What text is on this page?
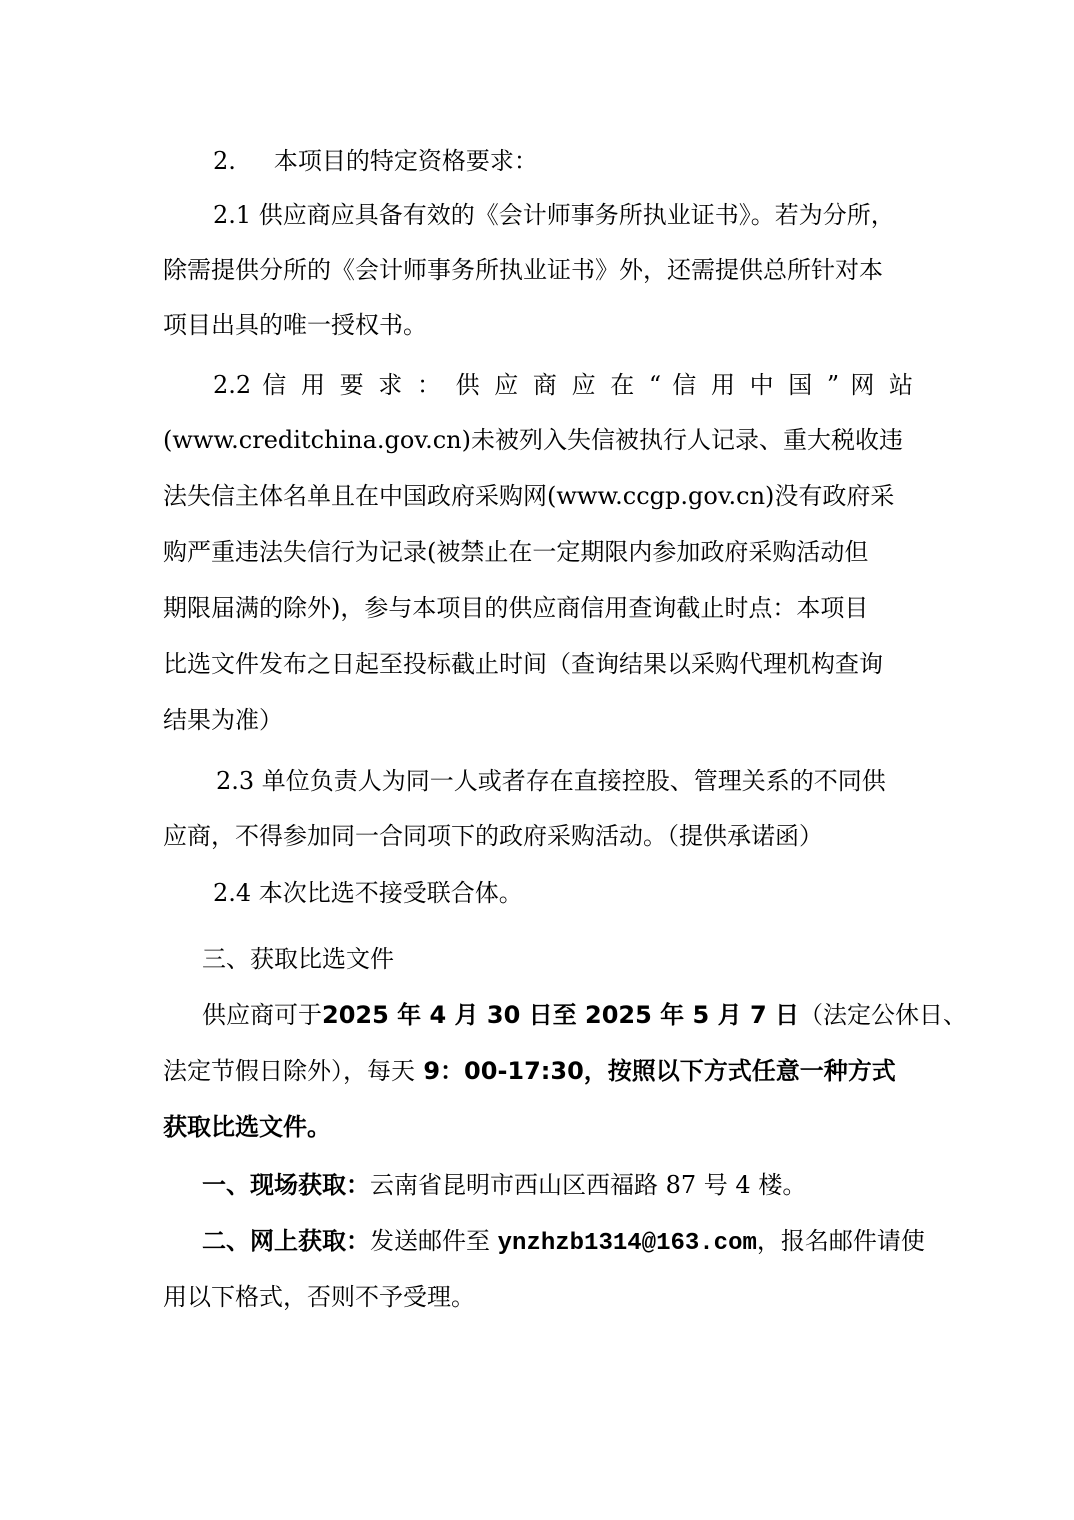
2. 本项目的特定资格要求：
2.1 供应商应具备有效的《会计师事务所执业证书》。若为分所，
除需提供分所的《会计师事务所执业证书》外，还需提供总所针对本
项目出具的唯一授权书。
2.2 信 用 要 求 ： 供 应 商 应 在 “ 信 用 中 国 ” 网 站
(www.creditchina.gov.cn)未被列入失信被执行人记录、重大税收违
法失信主体名单且在中国政府采购网(www.ccgp.gov.cn)没有政府采
购严重违法失信行为记录(被禁止在一定期限内参加政府采购活动但
期限届满的除外)，参与本项目的供应商信用查询截止时点：本项目
比选文件发布之日起至投标截止时间（查询结果以采购代理机构查询
结果为准）
2.3 单位负责人为同一人或者存在直接控股、管理关系的不同供
应商，不得参加同一合同项下的政府采购活动。（提供承诺函）
2.4 本次比选不接受联合体。
三、获取比选文件
供应商可于2025 年 4 月 30 日至 2025 年 5 月 7 日（法定公休日、
法定节假日除外），每天 9：00-17:30，按照以下方式任意一种方式
获取比选文件。
一、现场获取：云南省昆明市西山区西福路 87 号 4 楼。
二、网上获取：发送邮件至 ynzhzb1314@163.com，报名邮件请使
用以下格式，否则不予受理。
